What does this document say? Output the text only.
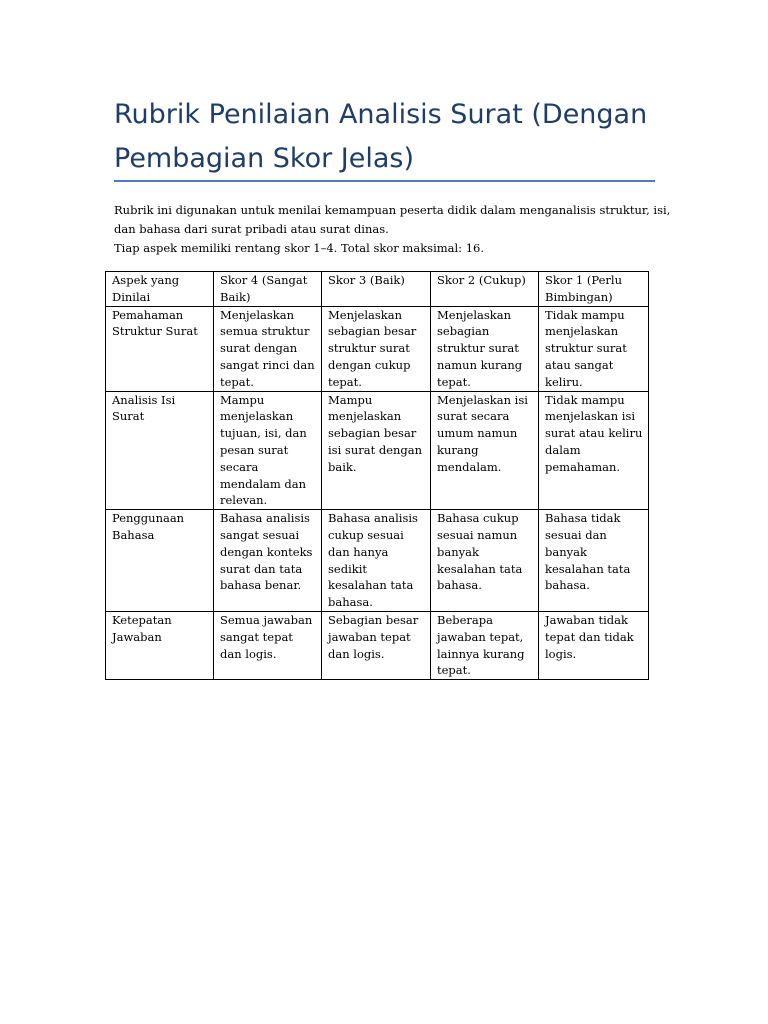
Rubrik Penilaian Analisis Surat (Dengan Pembagian Skor Jelas)

Rubrik ini digunakan untuk menilai kemampuan peserta didik dalam menganalisis struktur, isi, dan bahasa dari surat pribadi atau surat dinas.

Tiap aspek memiliki rentang skor 1–4. Total skor maksimal: 16.

Aspek yang Dinilai	Skor 4 (Sangat Baik)	Skor 3 (Baik)	Skor 2 (Cukup)	Skor 1 (Perlu Bimbingan)
Pemahaman Struktur Surat	Menjelaskan semua struktur surat dengan sangat rinci dan tepat.	Menjelaskan sebagian besar struktur surat dengan cukup tepat.	Menjelaskan sebagian struktur surat namun kurang tepat.	Tidak mampu menjelaskan struktur surat atau sangat keliru.
Analisis Isi Surat	Mampu menjelaskan tujuan, isi, dan pesan surat secara mendalam dan relevan.	Mampu menjelaskan sebagian besar isi surat dengan baik.	Menjelaskan isi surat secara umum namun kurang mendalam.	Tidak mampu menjelaskan isi surat atau keliru dalam pemahaman.
Penggunaan Bahasa	Bahasa analisis sangat sesuai dengan konteks surat dan tata bahasa benar.	Bahasa analisis cukup sesuai dan hanya sedikit kesalahan tata bahasa.	Bahasa cukup sesuai namun banyak kesalahan tata bahasa.	Bahasa tidak sesuai dan banyak kesalahan tata bahasa.
Ketepatan Jawaban	Semua jawaban sangat tepat dan logis.	Sebagian besar jawaban tepat dan logis.	Beberapa jawaban tepat, lainnya kurang tepat.	Jawaban tidak tepat dan tidak logis.
